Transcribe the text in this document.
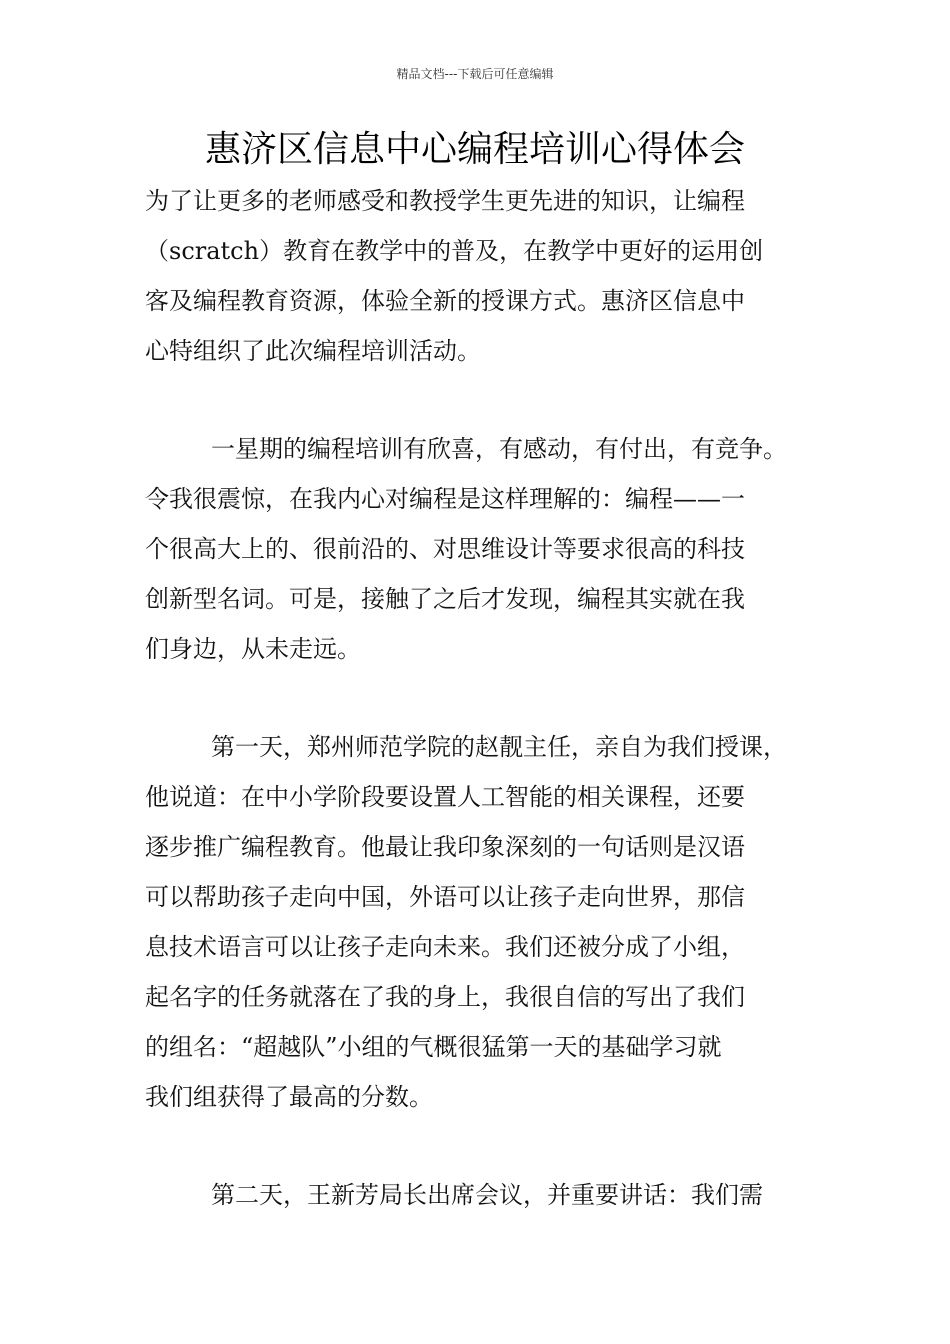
精品文档---下载后可任意编辑
惠济区信息中心编程培训心得体会

为了让更多的老师感受和教授学生更先进的知识，让编程
（scratch）教育在教学中的普及，在教学中更好的运用创
客及编程教育资源，体验全新的授课方式。惠济区信息中
心特组织了此次编程培训活动。

一星期的编程培训有欣喜，有感动，有付出，有竞争。
令我很震惊，在我内心对编程是这样理解的：编程——一
个很高大上的、很前沿的、对思维设计等要求很高的科技
创新型名词。可是，接触了之后才发现，编程其实就在我
们身边，从未走远。

第一天，郑州师范学院的赵靓主任，亲自为我们授课，
他说道：在中小学阶段要设置人工智能的相关课程，还要
逐步推广编程教育。他最让我印象深刻的一句话则是汉语
可以帮助孩子走向中国，外语可以让孩子走向世界，那信
息技术语言可以让孩子走向未来。我们还被分成了小组，
起名字的任务就落在了我的身上，我很自信的写出了我们
的组名：“超越队”小组的气概很猛第一天的基础学习就
我们组获得了最高的分数。

第二天，王新芳局长出席会议，并重要讲话：我们需
